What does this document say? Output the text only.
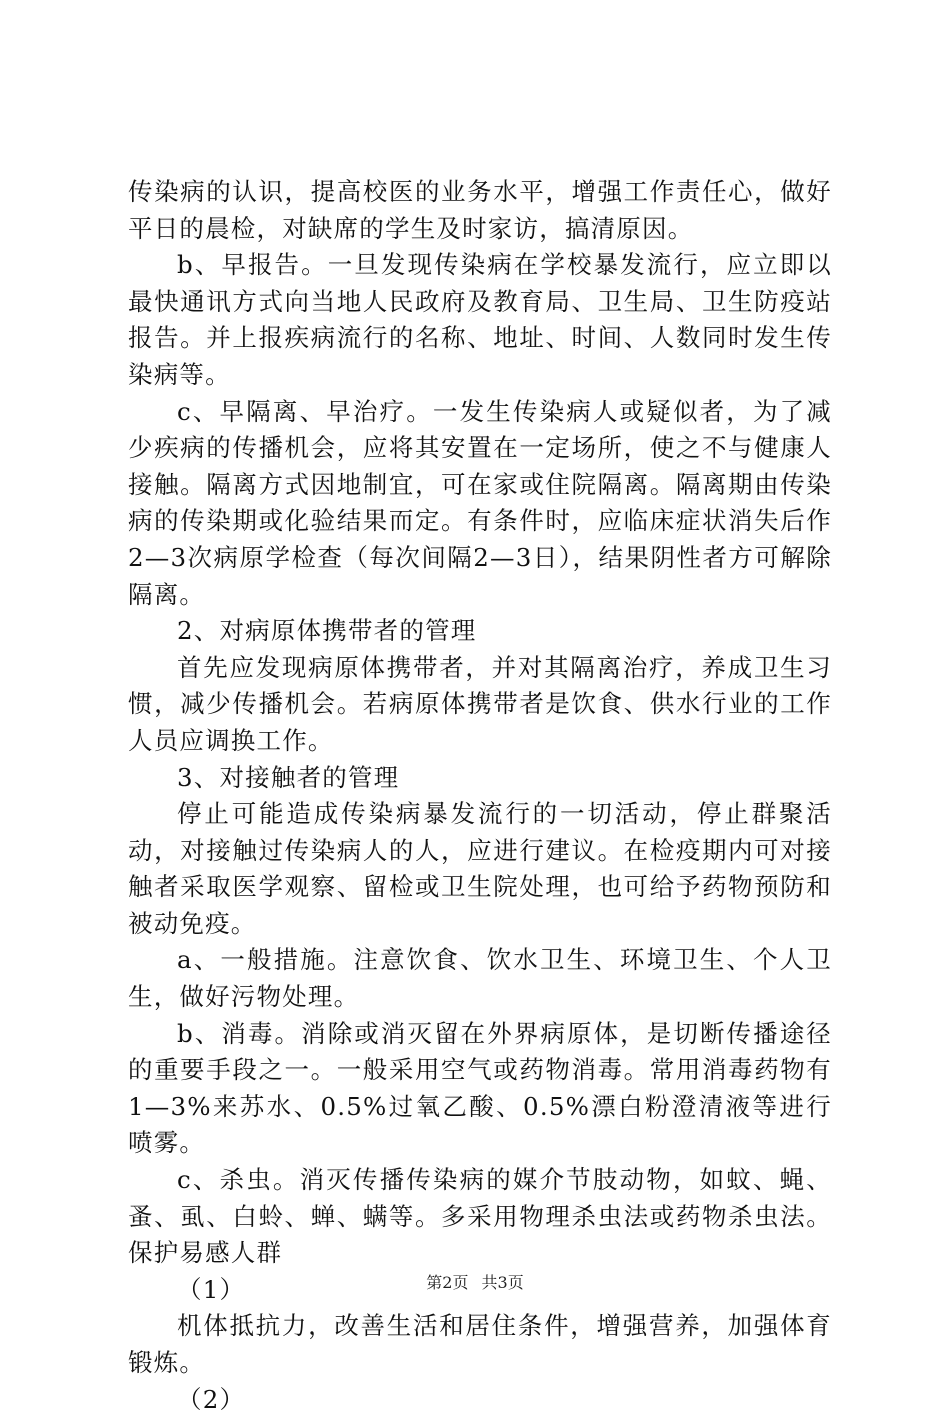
传染病的认识，提高校医的业务水平，增强工作责任心，做好平日的晨检，对缺席的学生及时家访，搞清原因。

b、早报告。一旦发现传染病在学校暴发流行，应立即以最快通讯方式向当地人民政府及教育局、卫生局、卫生防疫站报告。并上报疾病流行的名称、地址、时间、人数同时发生传染病等。

c、早隔离、早治疗。一发生传染病人或疑似者，为了减少疾病的传播机会，应将其安置在一定场所，使之不与健康人接触。隔离方式因地制宜，可在家或住院隔离。隔离期由传染病的传染期或化验结果而定。有条件时，应临床症状消失后作2—3次病原学检查（每次间隔2—3日），结果阴性者方可解除隔离。

2、对病原体携带者的管理

首先应发现病原体携带者，并对其隔离治疗，养成卫生习惯，减少传播机会。若病原体携带者是饮食、供水行业的工作人员应调换工作。

3、对接触者的管理

停止可能造成传染病暴发流行的一切活动，停止群聚活动，对接触过传染病人的人，应进行建议。在检疫期内可对接触者采取医学观察、留检或卫生院处理，也可给予药物预防和被动免疫。

a、一般措施。注意饮食、饮水卫生、环境卫生、个人卫生，做好污物处理。

b、消毒。消除或消灭留在外界病原体，是切断传播途径的重要手段之一。一般采用空气或药物消毒。常用消毒药物有1—3%来苏水、0.5%过氧乙酸、0.5%漂白粉澄清液等进行喷雾。

c、杀虫。消灭传播传染病的媒介节肢动物，如蚊、蝇、蚤、虱、白蛉、蝉、螨等。多采用物理杀虫法或药物杀虫法。保护易感人群

（1）

机体抵抗力，改善生活和居住条件，增强营养，加强体育锻炼。

（2）

第2页 共3页
